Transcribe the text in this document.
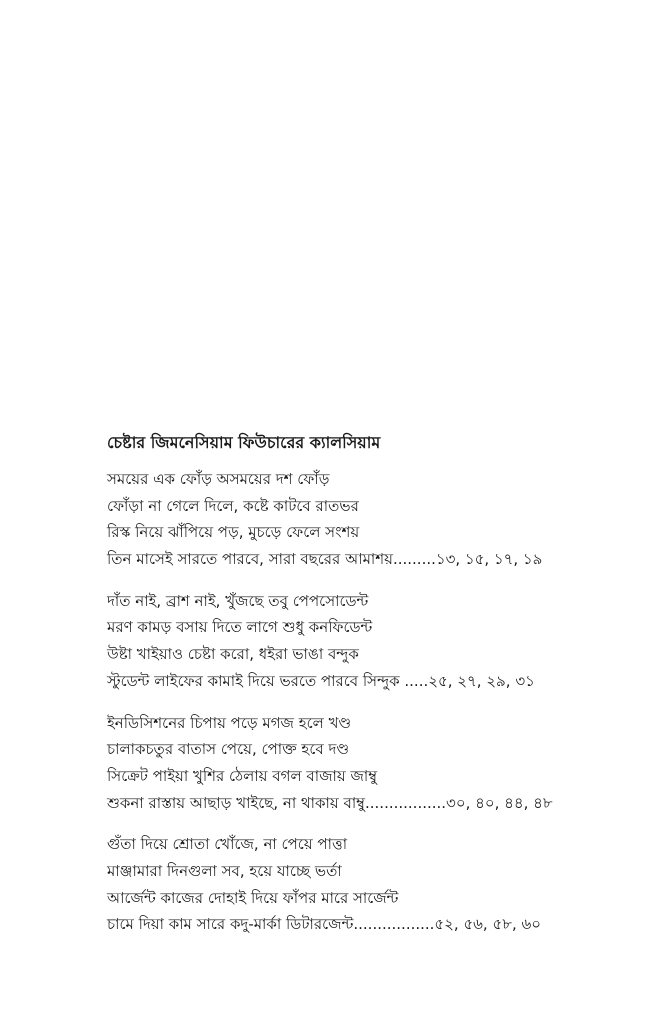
চেষ্টার জিমনেসিয়াম ফিউচারের ক্যালসিয়াম
সময়ের এক ফোঁড় অসময়ের দশ ফোঁড়
ফোঁড়া না গেলে দিলে, কষ্টে কাটবে রাতভর
রিস্ক নিয়ে ঝাঁপিয়ে পড়, মুচড়ে ফেলে সংশয়
তিন মাসেই সারতে পারবে, সারা বছরের আমাশয়.........১৩, ১৫, ১৭, ১৯
দাঁত নাই, ব্রাশ নাই, খুঁজছে তবু পেপসোডেন্ট
মরণ কামড় বসায় দিতে লাগে শুধু কনফিডেন্ট
উষ্টা খাইয়াও চেষ্টা করো, ধইরা ভাঙা বন্দুক
স্টুডেন্ট লাইফের কামাই দিয়ে ভরতে পারবে সিন্দুক .....২৫, ২৭, ২৯, ৩১
ইনডিসিশনের চিপায় পড়ে মগজ হলে খণ্ড
চালাকচতুর বাতাস পেয়ে, পোক্ত হবে দণ্ড
সিক্রেট পাইয়া খুশির ঠেলায় বগল বাজায় জাম্বু
শুকনা রাস্তায় আছাড় খাইছে, না থাকায় বাম্বু.................৩০, ৪০, ৪৪, ৪৮
গুঁতা দিয়ে শ্রোতা খোঁজে, না পেয়ে পাত্তা
মাঞ্জামারা দিনগুলা সব, হয়ে যাচ্ছে ভর্তা
আর্জেন্ট কাজের দোহাই দিয়ে ফাঁপর মারে সার্জেন্ট
চামে দিয়া কাম সারে কদু-মার্কা ডিটারজেন্ট.................৫২, ৫৬, ৫৮, ৬০
